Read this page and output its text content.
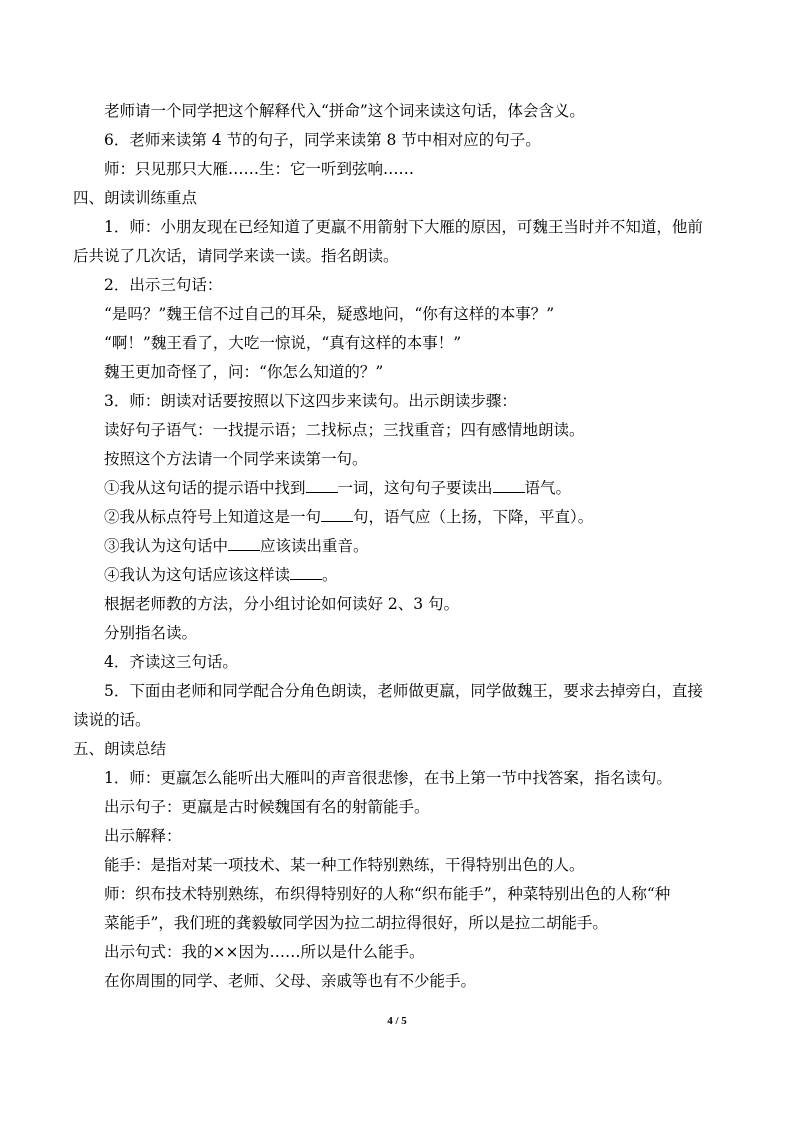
老师请一个同学把这个解释代入“拼命”这个词来读这句话，体会含义。
6．老师来读第 4 节的句子，同学来读第 8 节中相对应的句子。
师：只见那只大雁……生：它一听到弦响……
四、朗读训练重点
1．师：小朋友现在已经知道了更羸不用箭射下大雁的原因，可魏王当时并不知道，他前
后共说了几次话，请同学来读一读。指名朗读。
2．出示三句话：
“是吗？”魏王信不过自己的耳朵，疑惑地问，“你有这样的本事？”
“啊！”魏王看了，大吃一惊说，“真有这样的本事！”
魏王更加奇怪了，问：“你怎么知道的？”
3．师：朗读对话要按照以下这四步来读句。出示朗读步骤：
读好句子语气：一找提示语；二找标点；三找重音；四有感情地朗读。
按照这个方法请一个同学来读第一句。
①我从这句话的提示语中找到 一词，这句句子要读出 语气。
②我从标点符号上知道这是一句 句，语气应（上扬，下降，平直）。
③我认为这句话中 应该读出重音。
④我认为这句话应该这样读 。
根据老师教的方法，分小组讨论如何读好 2、3 句。
分别指名读。
4．齐读这三句话。
5．下面由老师和同学配合分角色朗读，老师做更羸，同学做魏王，要求去掉旁白，直接
读说的话。
五、朗读总结
1．师：更羸怎么能听出大雁叫的声音很悲惨，在书上第一节中找答案，指名读句。
出示句子：更羸是古时候魏国有名的射箭能手。
出示解释：
能手：是指对某一项技术、某一种工作特别熟练，干得特别出色的人。
师：织布技术特别熟练，布织得特别好的人称“织布能手”，种菜特别出色的人称“种
菜能手”，我们班的龚毅敏同学因为拉二胡拉得很好，所以是拉二胡能手。
出示句式：我的××因为……所以是什么能手。
在你周围的同学、老师、父母、亲戚等也有不少能手。
4 / 5
